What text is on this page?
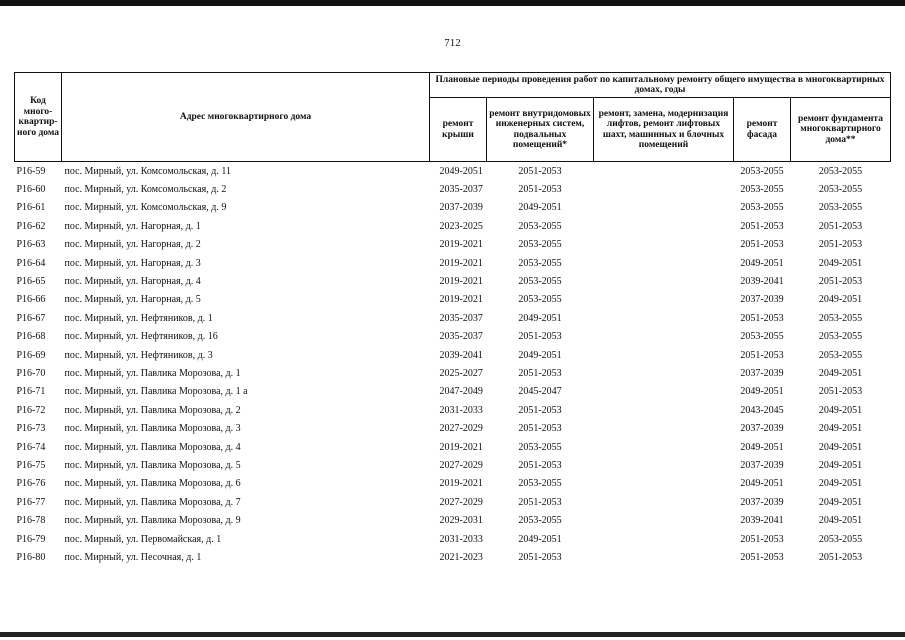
712
Код много-квартир-ного дома	Адрес многоквартирного дома	Плановые периоды проведения работ по капитальному ремонту общего имущества в многоквартирных домах, годы				
		ремонт крыши	ремонт внутридомовых инженерных систем, подвальных помещений*	ремонт, замена, модернизация лифтов, ремонт лифтовых шахт, машинных и блочных помещений	ремонт фасада	ремонт фундамента многоквартирного дома**
Р16-59	пос. Мирный, ул. Комсомольская, д. 11	2049-2051	2051-2053		2053-2055	2053-2055
Р16-60	пос. Мирный, ул. Комсомольская, д. 2	2035-2037	2051-2053		2053-2055	2053-2055
Р16-61	пос. Мирный, ул. Комсомольская, д. 9	2037-2039	2049-2051		2053-2055	2053-2055
Р16-62	пос. Мирный, ул. Нагорная, д. 1	2023-2025	2053-2055		2051-2053	2051-2053
Р16-63	пос. Мирный, ул. Нагорная, д. 2	2019-2021	2053-2055		2051-2053	2051-2053
Р16-64	пос. Мирный, ул. Нагорная, д. 3	2019-2021	2053-2055		2049-2051	2049-2051
Р16-65	пос. Мирный, ул. Нагорная, д. 4	2019-2021	2053-2055		2039-2041	2051-2053
Р16-66	пос. Мирный, ул. Нагорная, д. 5	2019-2021	2053-2055		2037-2039	2049-2051
Р16-67	пос. Мирный, ул. Нефтяников, д. 1	2035-2037	2049-2051		2051-2053	2053-2055
Р16-68	пос. Мирный, ул. Нефтяников, д. 16	2035-2037	2051-2053		2053-2055	2053-2055
Р16-69	пос. Мирный, ул. Нефтяников, д. 3	2039-2041	2049-2051		2051-2053	2053-2055
Р16-70	пос. Мирный, ул. Павлика Морозова, д. 1	2025-2027	2051-2053		2037-2039	2049-2051
Р16-71	пос. Мирный, ул. Павлика Морозова, д. 1 а	2047-2049	2045-2047		2049-2051	2051-2053
Р16-72	пос. Мирный, ул. Павлика Морозова, д. 2	2031-2033	2051-2053		2043-2045	2049-2051
Р16-73	пос. Мирный, ул. Павлика Морозова, д. 3	2027-2029	2051-2053		2037-2039	2049-2051
Р16-74	пос. Мирный, ул. Павлика Морозова, д. 4	2019-2021	2053-2055		2049-2051	2049-2051
Р16-75	пос. Мирный, ул. Павлика Морозова, д. 5	2027-2029	2051-2053		2037-2039	2049-2051
Р16-76	пос. Мирный, ул. Павлика Морозова, д. 6	2019-2021	2053-2055		2049-2051	2049-2051
Р16-77	пос. Мирный, ул. Павлика Морозова, д. 7	2027-2029	2051-2053		2037-2039	2049-2051
Р16-78	пос. Мирный, ул. Павлика Морозова, д. 9	2029-2031	2053-2055		2039-2041	2049-2051
Р16-79	пос. Мирный, ул. Первомайская, д. 1	2031-2033	2049-2051		2051-2053	2053-2055
Р16-80	пос. Мирный, ул. Песочная, д. 1	2021-2023	2051-2053		2051-2053	2051-2053
